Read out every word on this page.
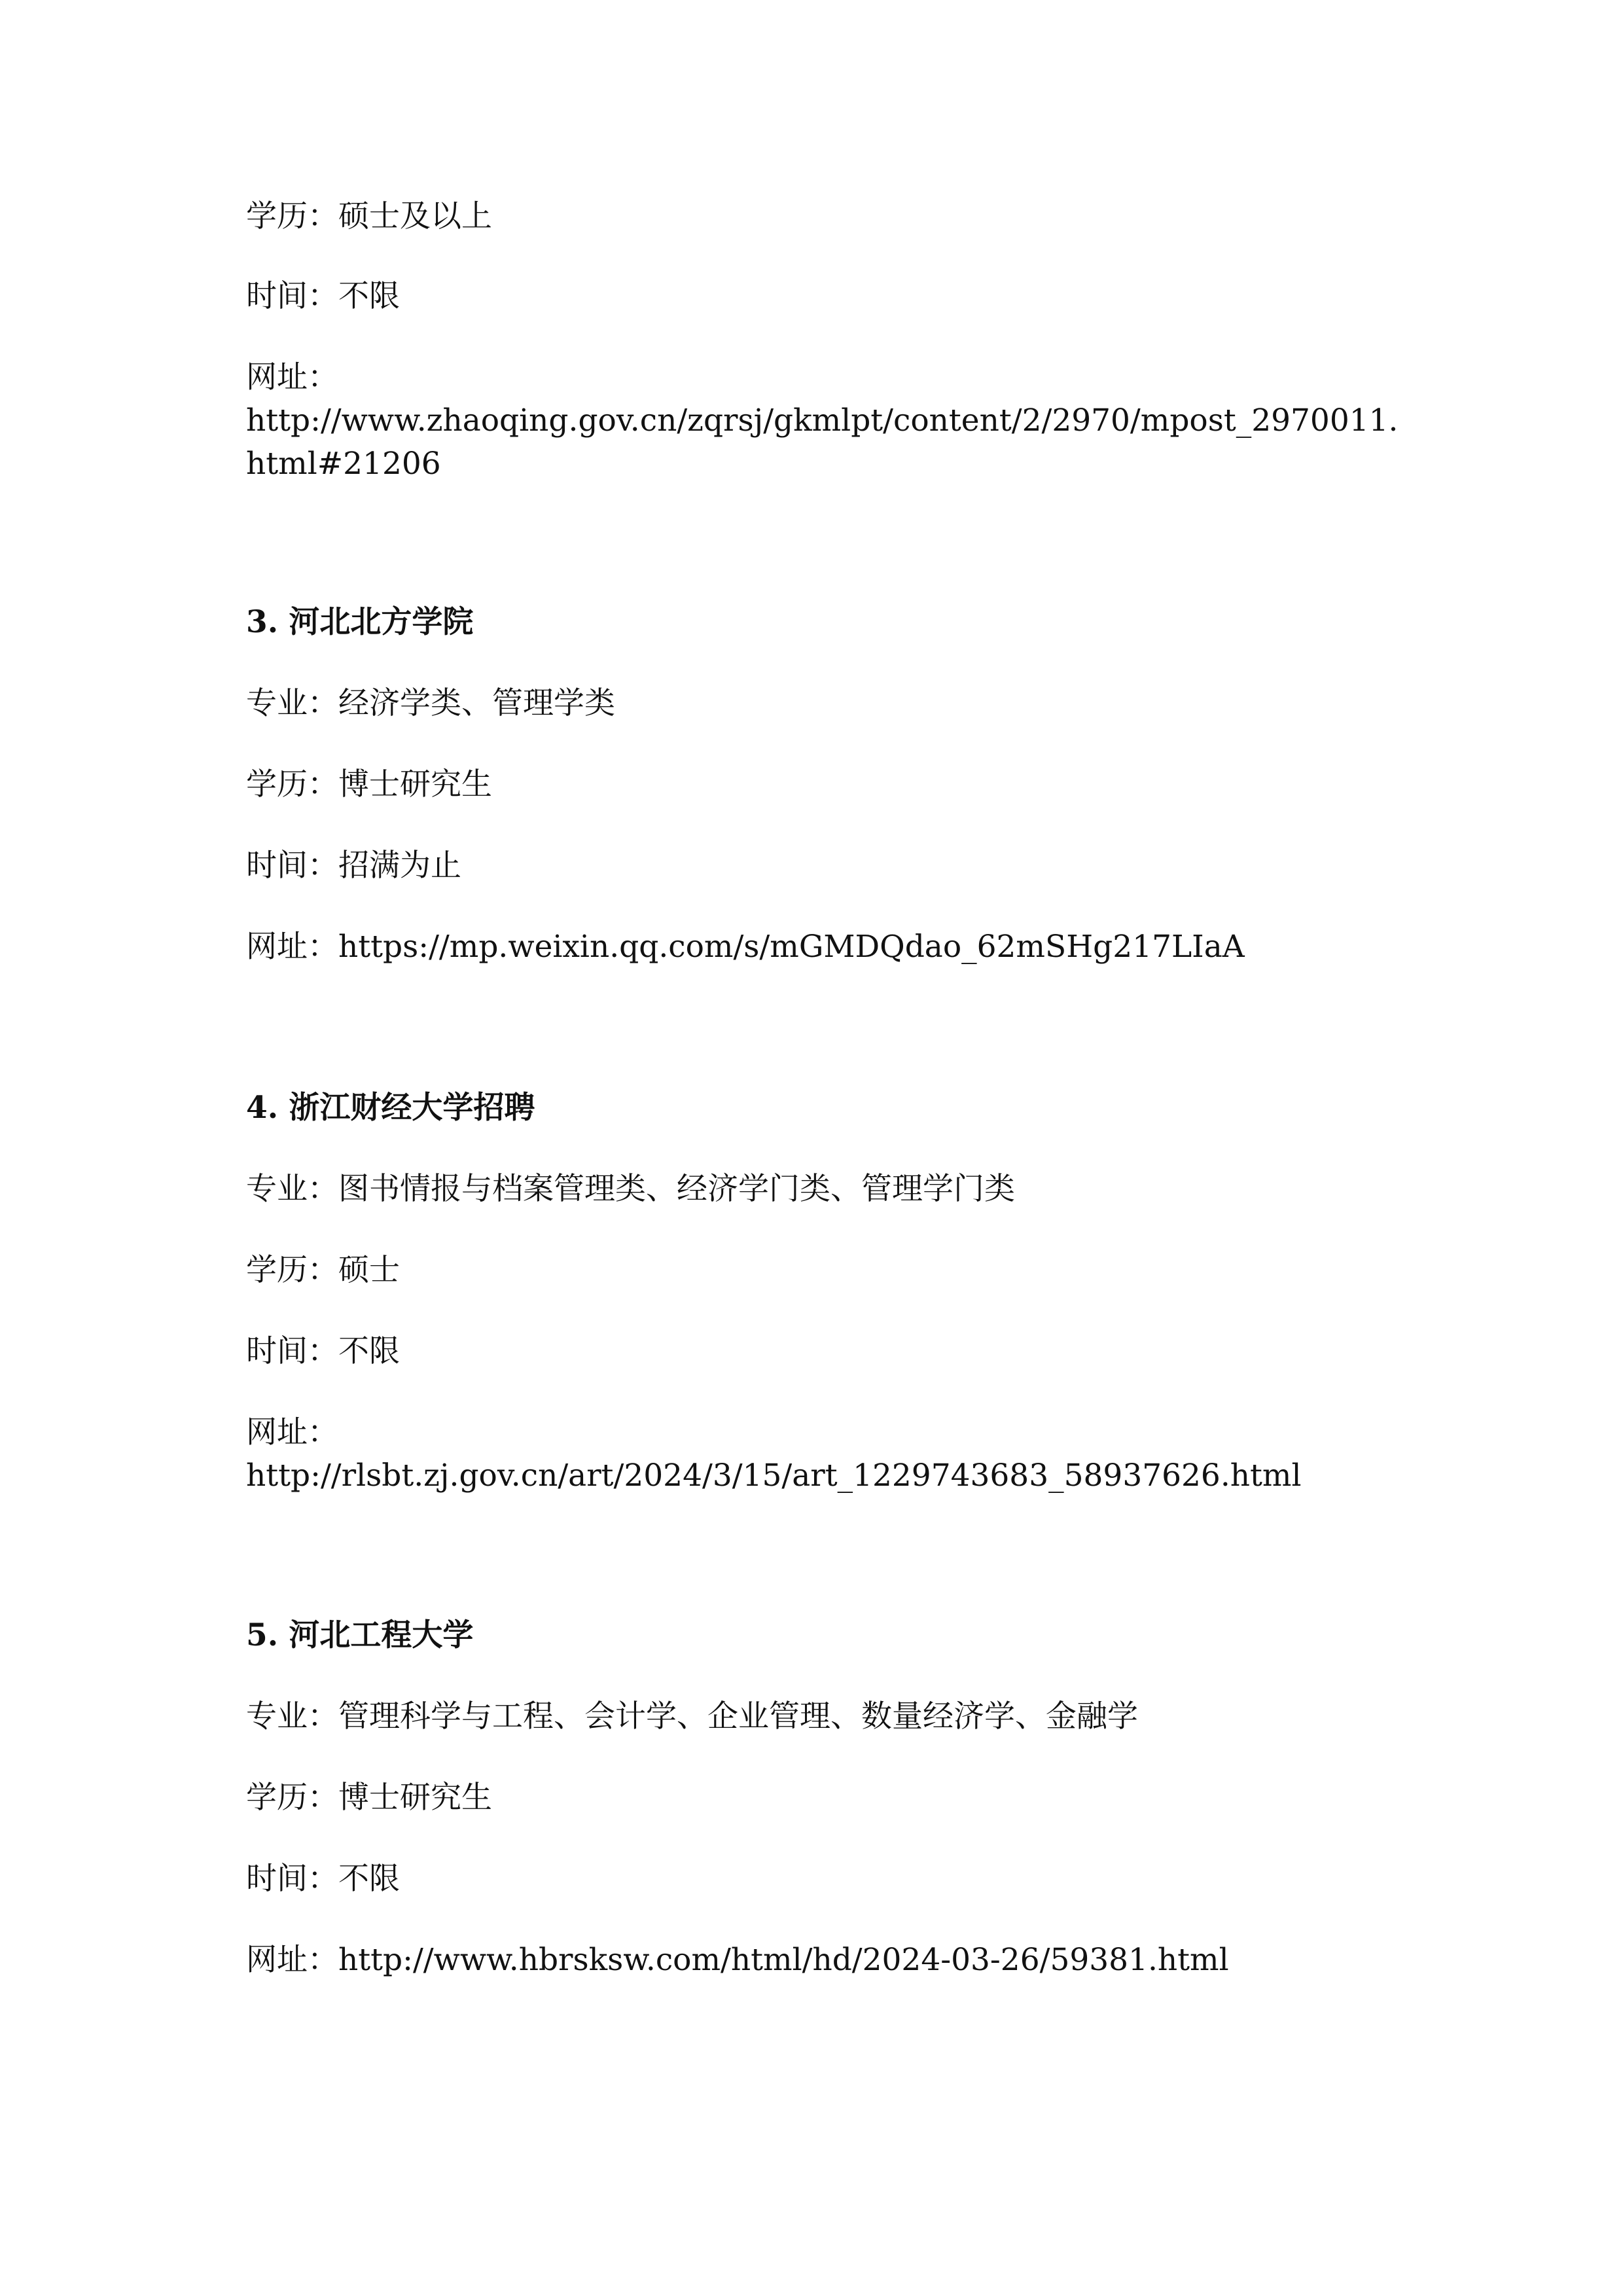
学历：硕士及以上
时间：不限
网址：
http://www.zhaoqing.gov.cn/zqrsj/gkmlpt/content/2/2970/mpost_2970011.
html#21206
3. 河北北方学院
专业：经济学类、管理学类
学历：博士研究生
时间：招满为止
网址：https://mp.weixin.qq.com/s/mGMDQdao_62mSHg217LIaA
4. 浙江财经大学招聘
专业：图书情报与档案管理类、经济学门类、管理学门类
学历：硕士
时间：不限
网址：
http://rlsbt.zj.gov.cn/art/2024/3/15/art_1229743683_58937626.html
5. 河北工程大学
专业：管理科学与工程、会计学、企业管理、数量经济学、金融学
学历：博士研究生
时间：不限
网址：http://www.hbrsksw.com/html/hd/2024-03-26/59381.html
